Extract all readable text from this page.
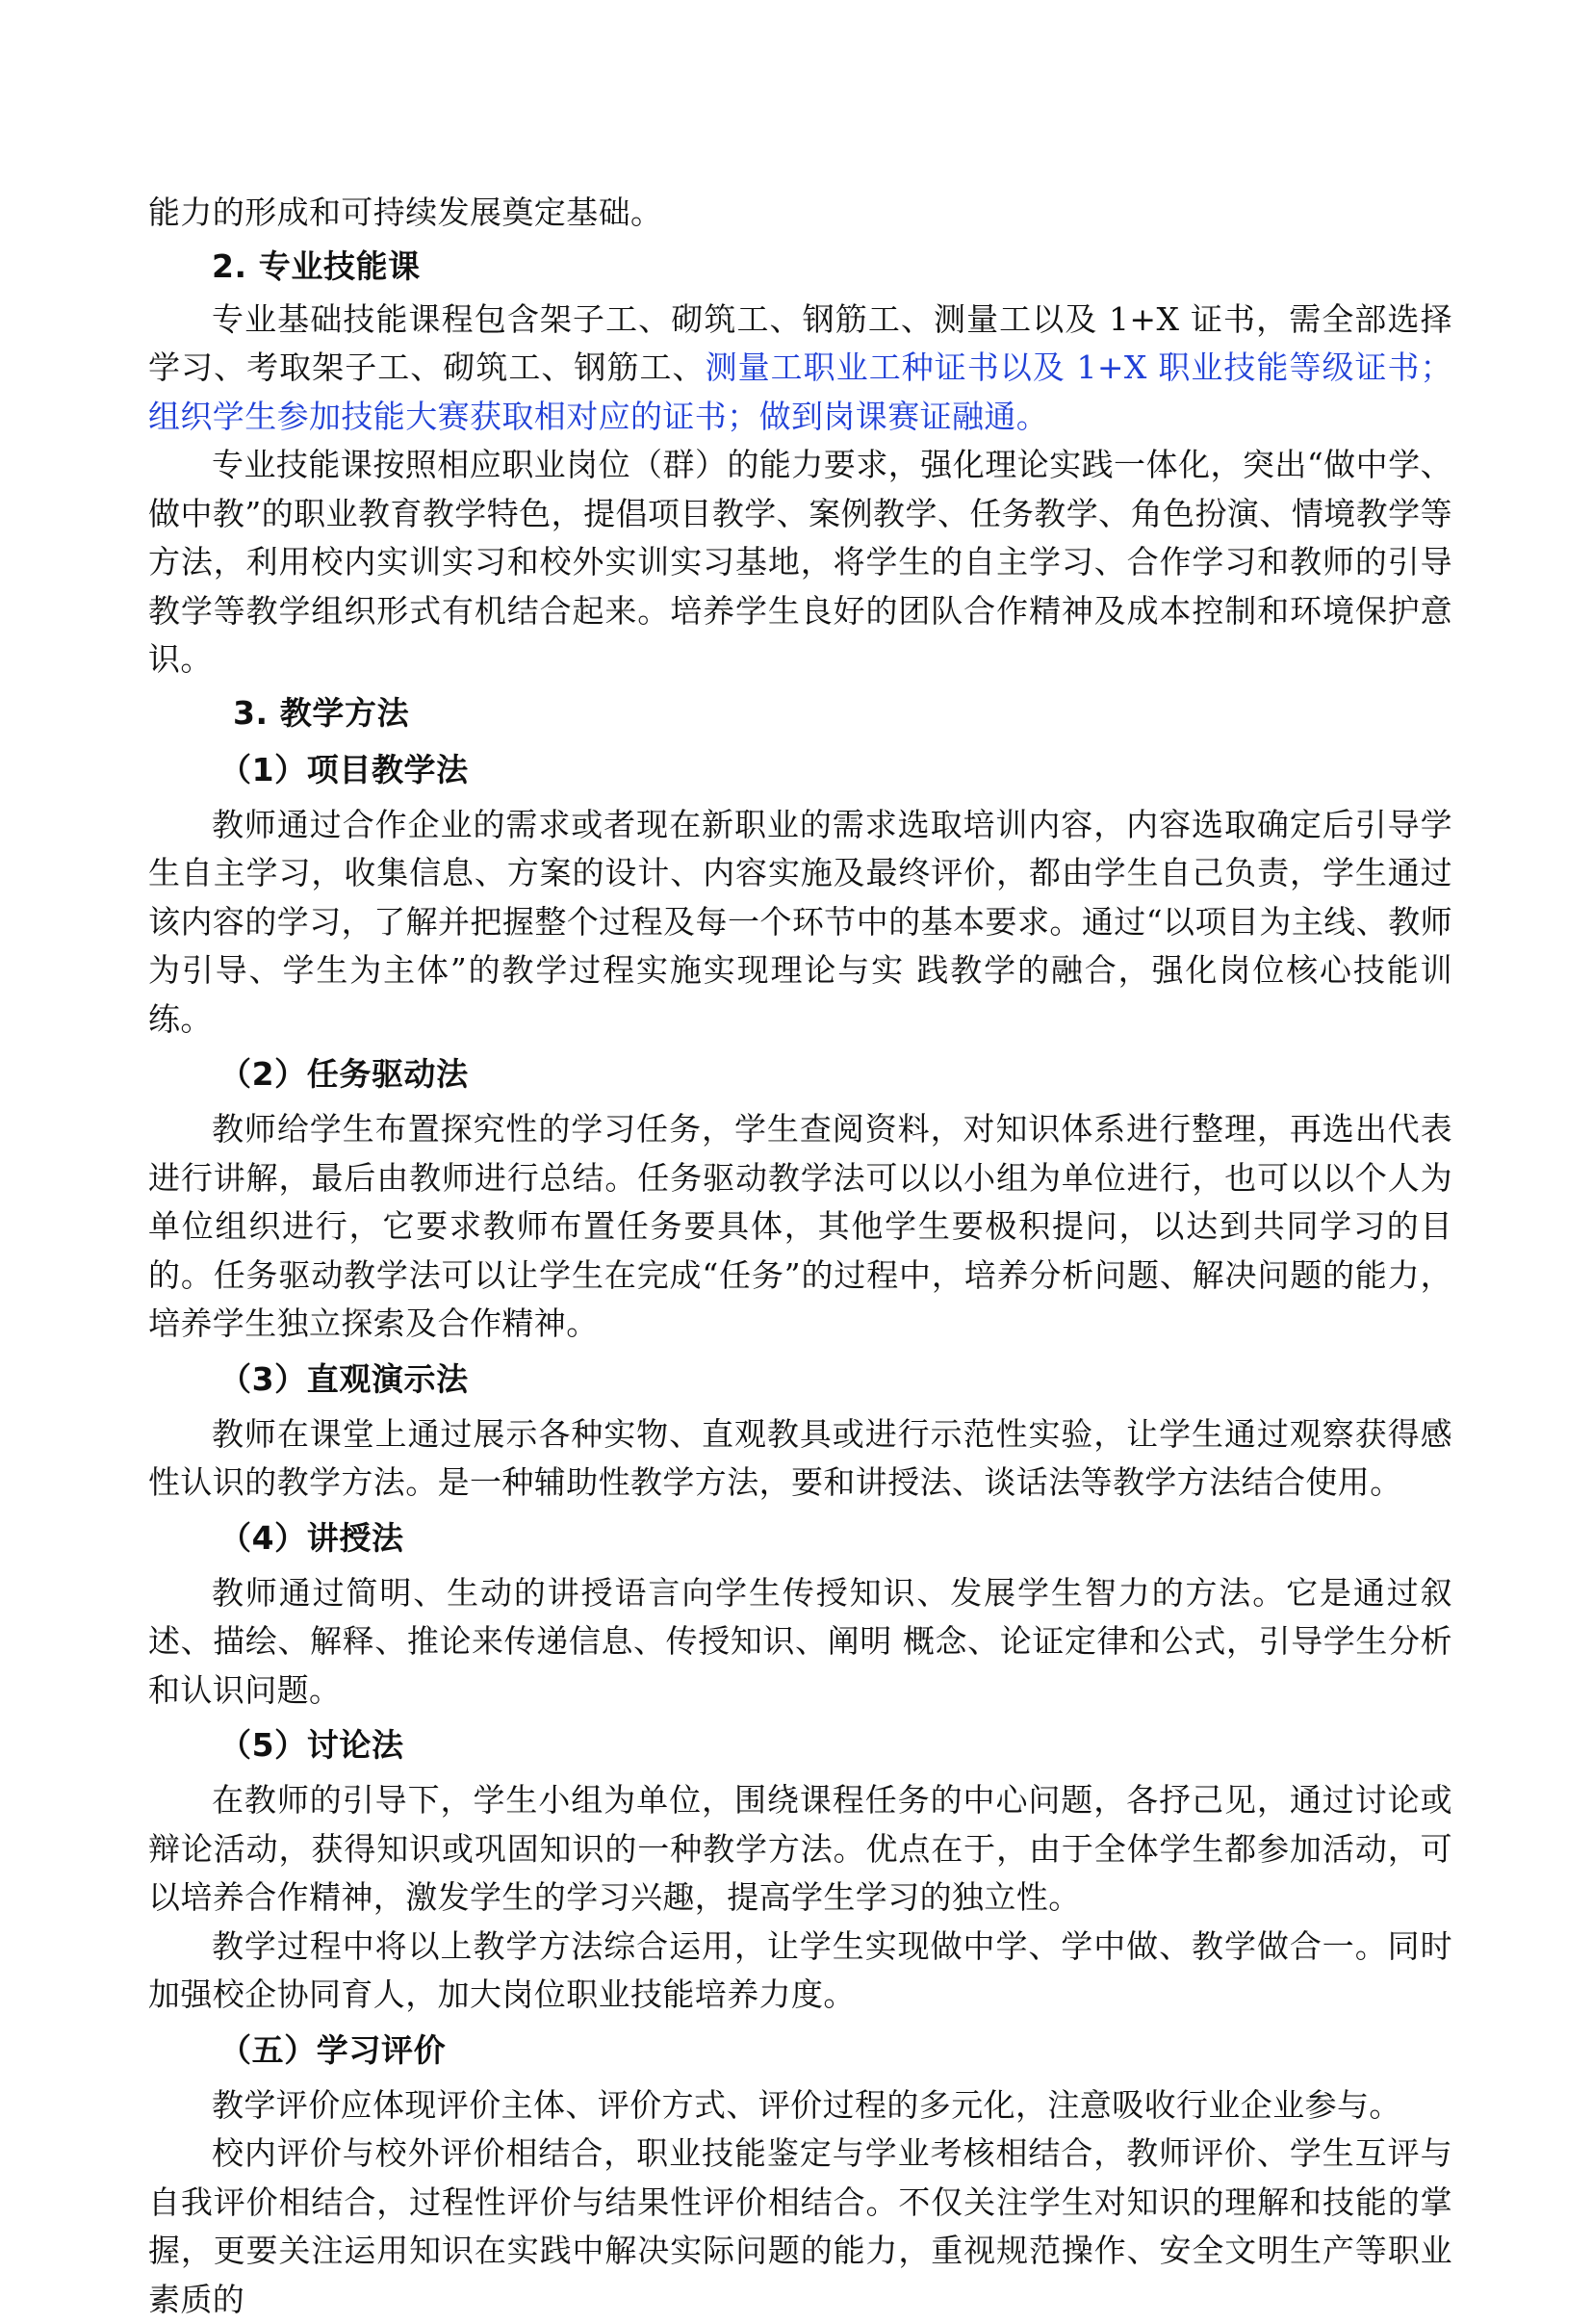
能力的形成和可持续发展奠定基础。

2. 专业技能课

专业基础技能课程包含架子工、砌筑工、钢筋工、测量工以及 1+X 证书，需全部选择学习、考取架子工、砌筑工、钢筋工、测量工职业工种证书以及 1+X 职业技能等级证书；组织学生参加技能大赛获取相对应的证书；做到岗课赛证融通。

专业技能课按照相应职业岗位（群）的能力要求，强化理论实践一体化，突出“做中学、做中教”的职业教育教学特色，提倡项目教学、案例教学、任务教学、角色扮演、情境教学等方法，利用校内实训实习和校外实训实习基地，将学生的自主学习、合作学习和教师的引导教学等教学组织形式有机结合起来。培养学生良好的团队合作精神及成本控制和环境保护意识。

3. 教学方法
（1）项目教学法

教师通过合作企业的需求或者现在新职业的需求选取培训内容，内容选取确定后引导学生自主学习，收集信息、方案的设计、内容实施及最终评价，都由学生自己负责，学生通过该内容的学习，了解并把握整个过程及每一个环节中的基本要求。通过“以项目为主线、教师为引导、学生为主体”的教学过程实施实现理论与实 践教学的融合，强化岗位核心技能训练。

（2）任务驱动法

教师给学生布置探究性的学习任务，学生查阅资料，对知识体系进行整理，再选出代表进行讲解，最后由教师进行总结。任务驱动教学法可以以小组为单位进行，也可以以个人为单位组织进行，它要求教师布置任务要具体，其他学生要极积提问，以达到共同学习的目的。任务驱动教学法可以让学生在完成“任务”的过程中，培养分析问题、解决问题的能力，培养学生独立探索及合作精神。

（3）直观演示法

教师在课堂上通过展示各种实物、直观教具或进行示范性实验，让学生通过观察获得感性认识的教学方法。是一种辅助性教学方法，要和讲授法、谈话法等教学方法结合使用。

（4）讲授法

教师通过简明、生动的讲授语言向学生传授知识、发展学生智力的方法。它是通过叙述、描绘、解释、推论来传递信息、传授知识、阐明 概念、论证定律和公式，引导学生分析和认识问题。

（5）讨论法

在教师的引导下，学生小组为单位，围绕课程任务的中心问题，各抒己见，通过讨论或辩论活动，获得知识或巩固知识的一种教学方法。优点在于，由于全体学生都参加活动，可以培养合作精神，激发学生的学习兴趣，提高学生学习的独立性。

教学过程中将以上教学方法综合运用，让学生实现做中学、学中做、教学做合一。同时加强校企协同育人，加大岗位职业技能培养力度。

（五）学习评价

教学评价应体现评价主体、评价方式、评价过程的多元化，注意吸收行业企业参与。

校内评价与校外评价相结合，职业技能鉴定与学业考核相结合，教师评价、学生互评与自我评价相结合，过程性评价与结果性评价相结合。不仅关注学生对知识的理解和技能的掌握，更要关注运用知识在实践中解决实际问题的能力，重视规范操作、安全文明生产等职业素质的
